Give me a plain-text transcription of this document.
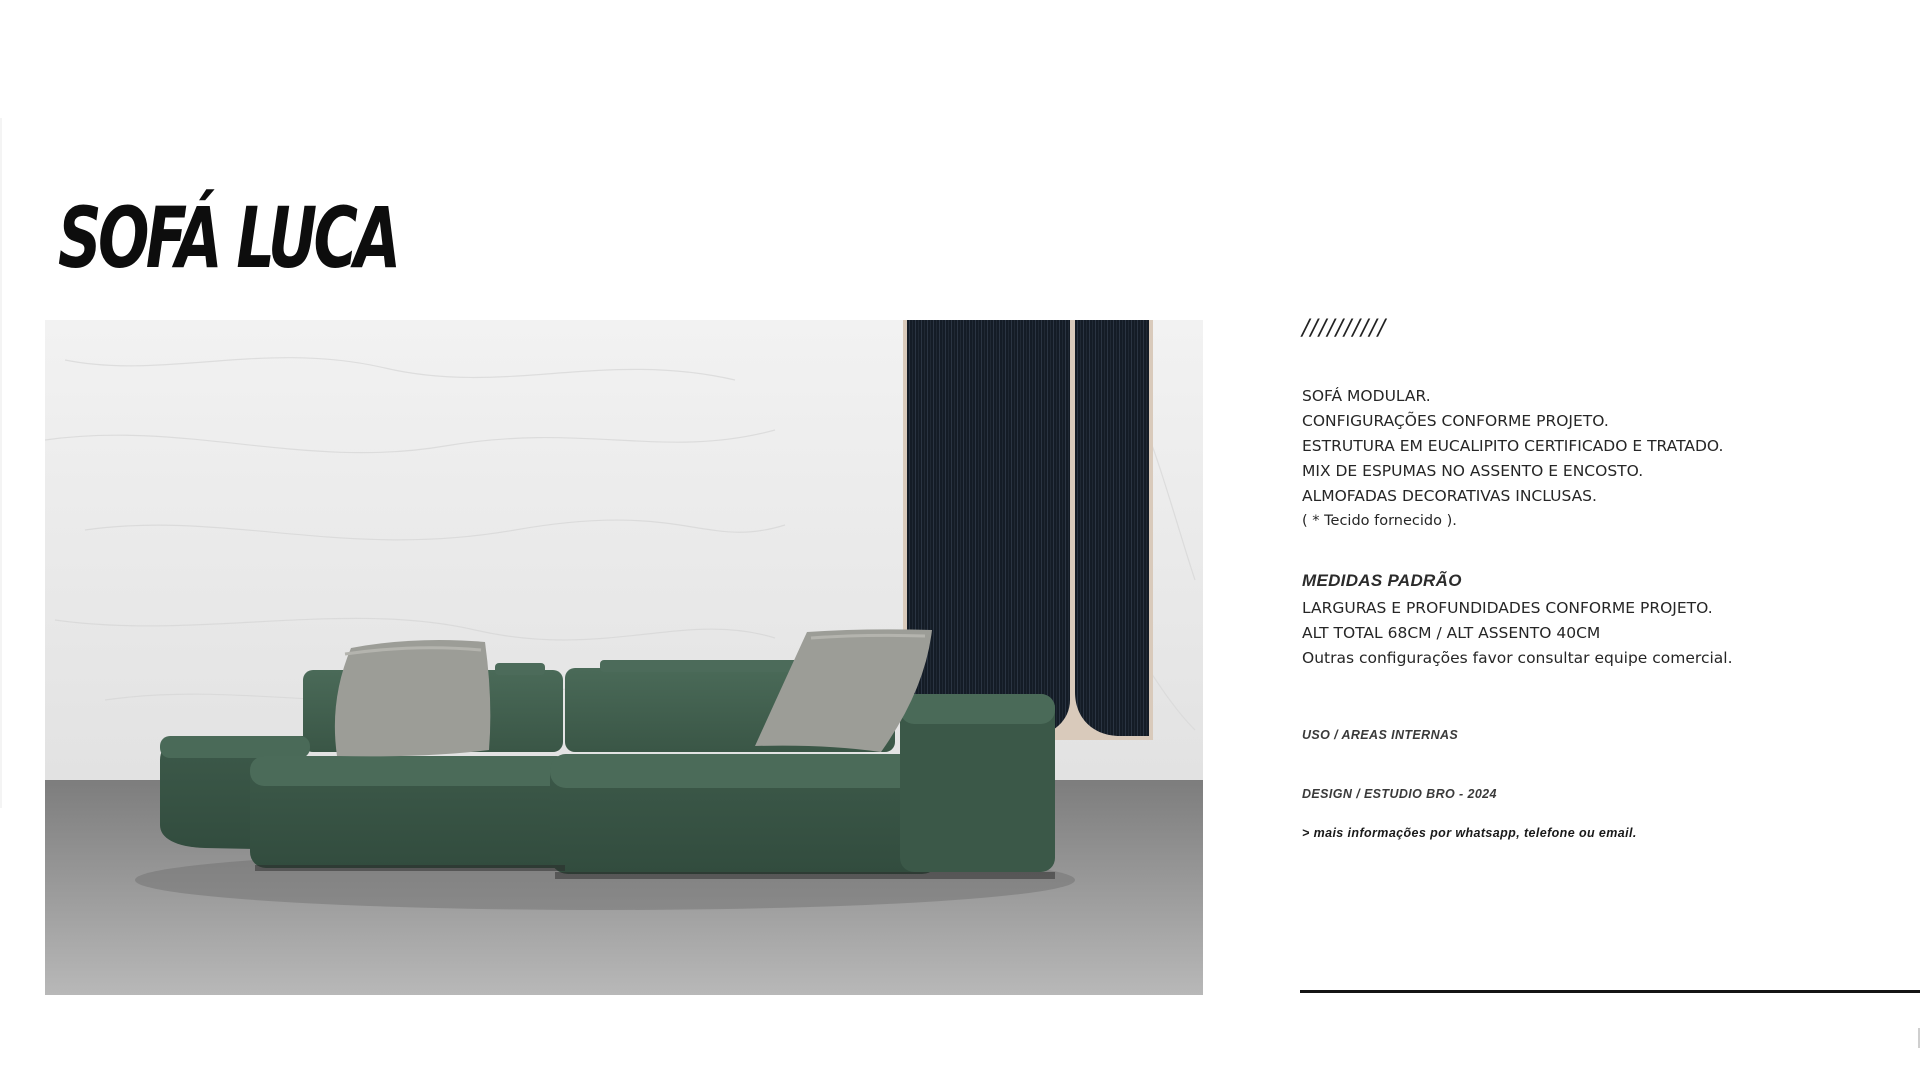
SOFÁ LUCA
//////////

SOFÁ MODULAR.

CONFIGURAÇÕES CONFORME PROJETO.

ESTRUTURA EM EUCALIPITO CERTIFICADO E TRATADO.

MIX DE ESPUMAS NO ASSENTO E ENCOSTO.

ALMOFADAS DECORATIVAS INCLUSAS.

( * Tecido fornecido ).

MEDIDAS PADRÃO

LARGURAS E PROFUNDIDADES CONFORME PROJETO.

ALT TOTAL 68CM / ALT ASSENTO 40CM

Outras configurações favor consultar equipe comercial.

USO / AREAS INTERNAS

DESIGN / ESTUDIO BRO - 2024

> mais informações por whatsapp, telefone ou email.
